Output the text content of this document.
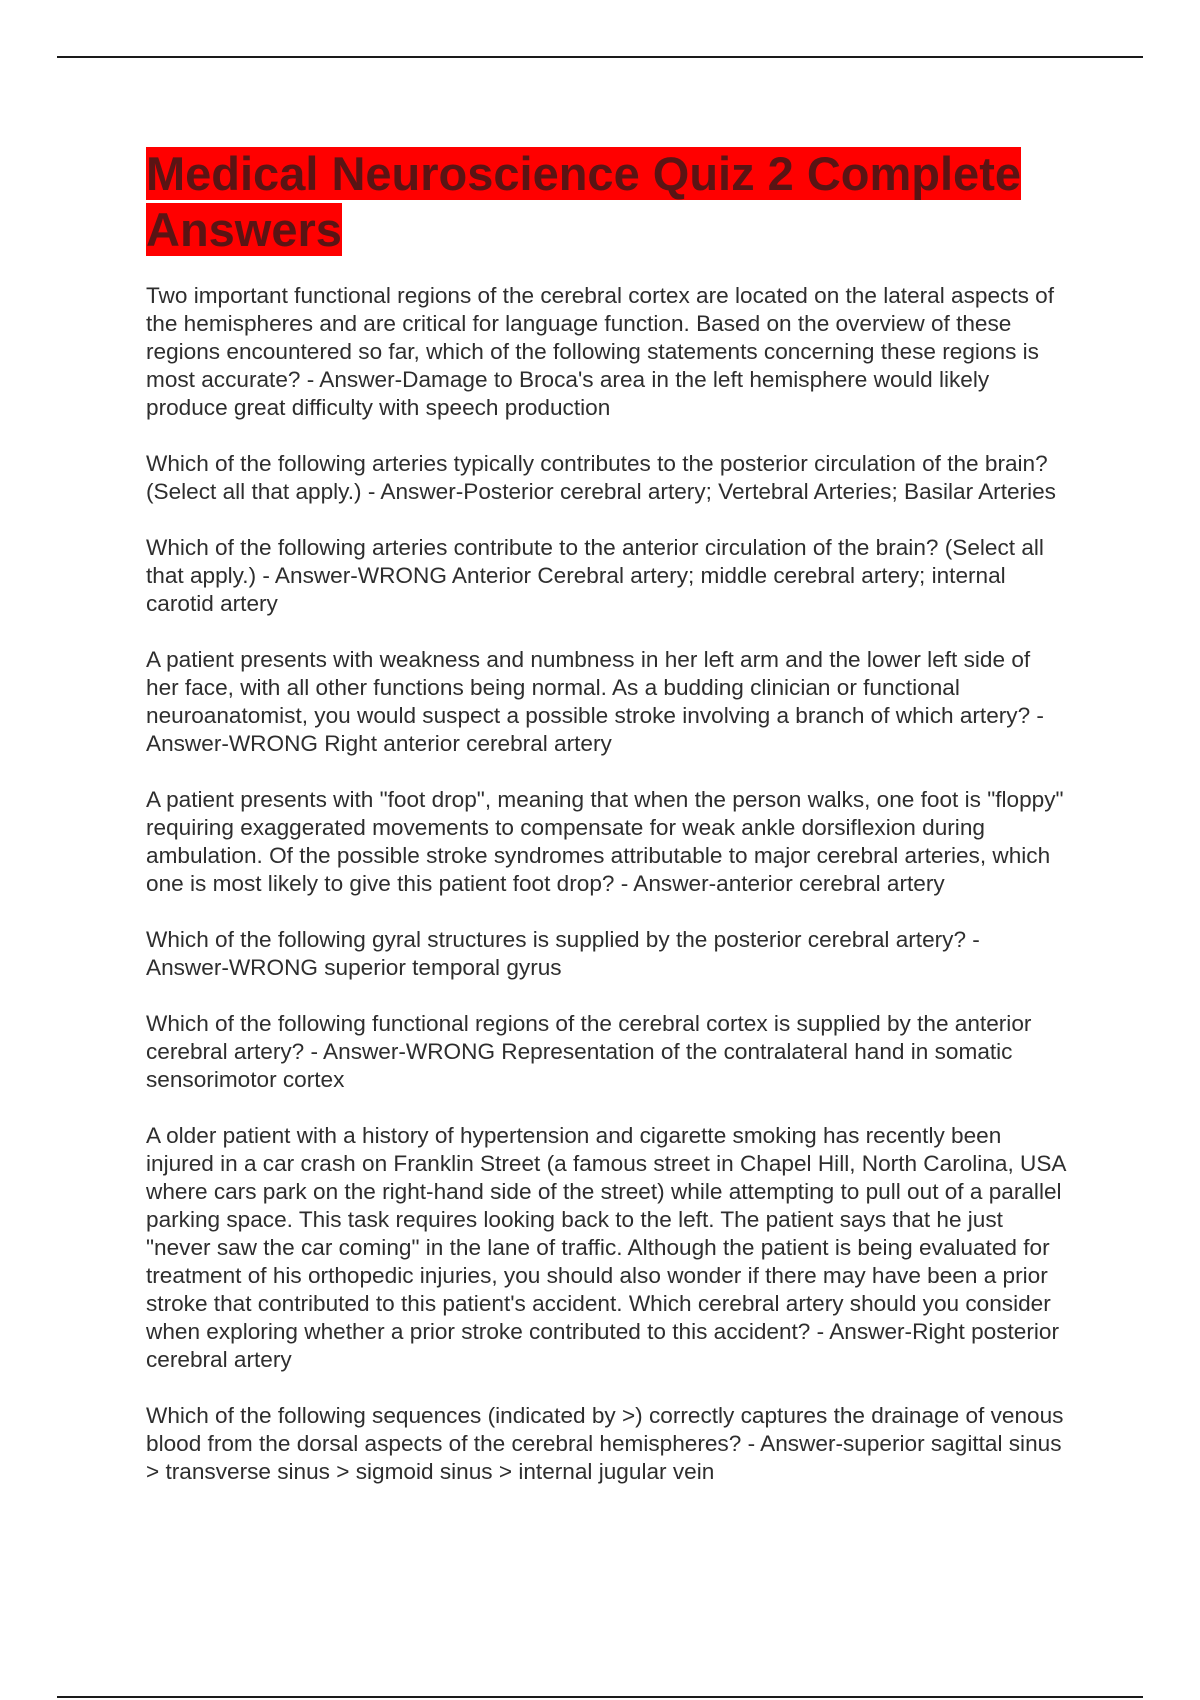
Medical Neuroscience Quiz 2 Complete Answers

Two important functional regions of the cerebral cortex are located on the lateral aspects of the hemispheres and are critical for language function. Based on the overview of these regions encountered so far, which of the following statements concerning these regions is most accurate? - Answer-Damage to Broca's area in the left hemisphere would likely produce great difficulty with speech production

Which of the following arteries typically contributes to the posterior circulation of the brain? (Select all that apply.) - Answer-Posterior cerebral artery; Vertebral Arteries; Basilar Arteries

Which of the following arteries contribute to the anterior circulation of the brain? (Select all that apply.) - Answer-WRONG Anterior Cerebral artery; middle cerebral artery; internal carotid artery

A patient presents with weakness and numbness in her left arm and the lower left side of her face, with all other functions being normal. As a budding clinician or functional neuroanatomist, you would suspect a possible stroke involving a branch of which artery? - Answer-WRONG Right anterior cerebral artery

A patient presents with "foot drop", meaning that when the person walks, one foot is "floppy" requiring exaggerated movements to compensate for weak ankle dorsiflexion during ambulation. Of the possible stroke syndromes attributable to major cerebral arteries, which one is most likely to give this patient foot drop? - Answer-anterior cerebral artery

Which of the following gyral structures is supplied by the posterior cerebral artery? - Answer-WRONG superior temporal gyrus

Which of the following functional regions of the cerebral cortex is supplied by the anterior cerebral artery? - Answer-WRONG Representation of the contralateral hand in somatic sensorimotor cortex

A older patient with a history of hypertension and cigarette smoking has recently been injured in a car crash on Franklin Street (a famous street in Chapel Hill, North Carolina, USA where cars park on the right-hand side of the street) while attempting to pull out of a parallel parking space. This task requires looking back to the left. The patient says that he just "never saw the car coming" in the lane of traffic. Although the patient is being evaluated for treatment of his orthopedic injuries, you should also wonder if there may have been a prior stroke that contributed to this patient's accident. Which cerebral artery should you consider when exploring whether a prior stroke contributed to this accident? - Answer-Right posterior cerebral artery

Which of the following sequences (indicated by >) correctly captures the drainage of venous blood from the dorsal aspects of the cerebral hemispheres? - Answer-superior sagittal sinus > transverse sinus > sigmoid sinus > internal jugular vein
